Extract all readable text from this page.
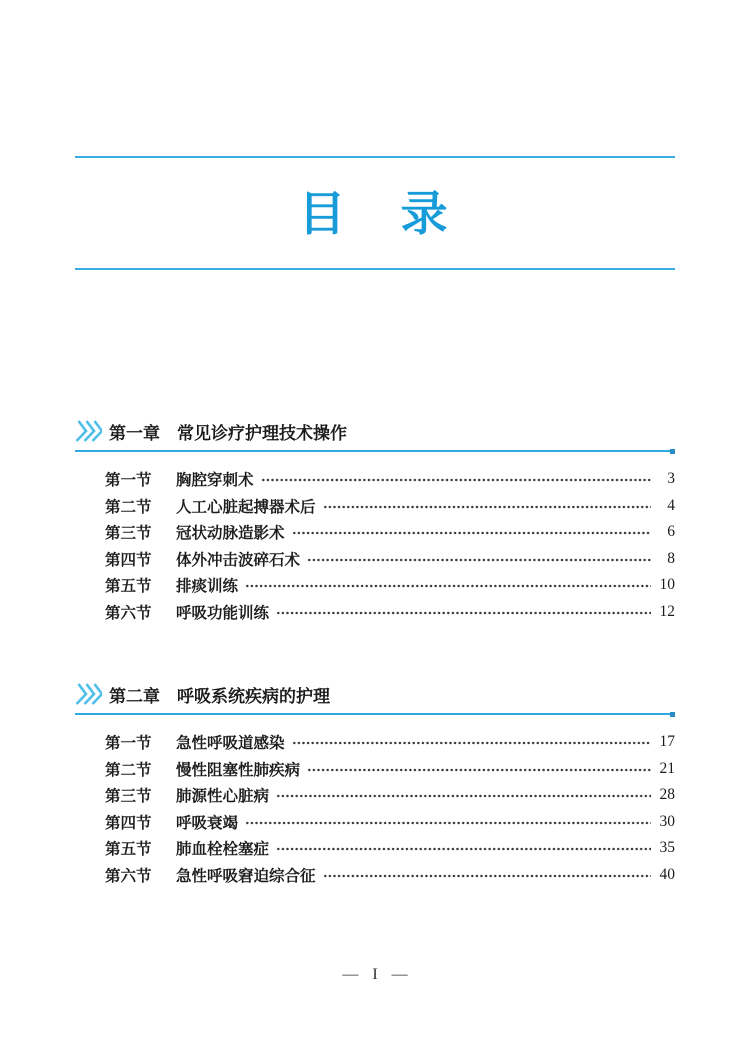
目　录
第一章 常见诊疗护理技术操作
第一节	胸腔穿刺术	3
第二节	人工心脏起搏器术后	4
第三节	冠状动脉造影术	6
第四节	体外冲击波碎石术	8
第五节	排痰训练	10
第六节	呼吸功能训练	12
第二章 呼吸系统疾病的护理
第一节	急性呼吸道感染	17
第二节	慢性阻塞性肺疾病	21
第三节	肺源性心脏病	28
第四节	呼吸衰竭	30
第五节	肺血栓栓塞症	35
第六节	急性呼吸窘迫综合征	40
— I —
